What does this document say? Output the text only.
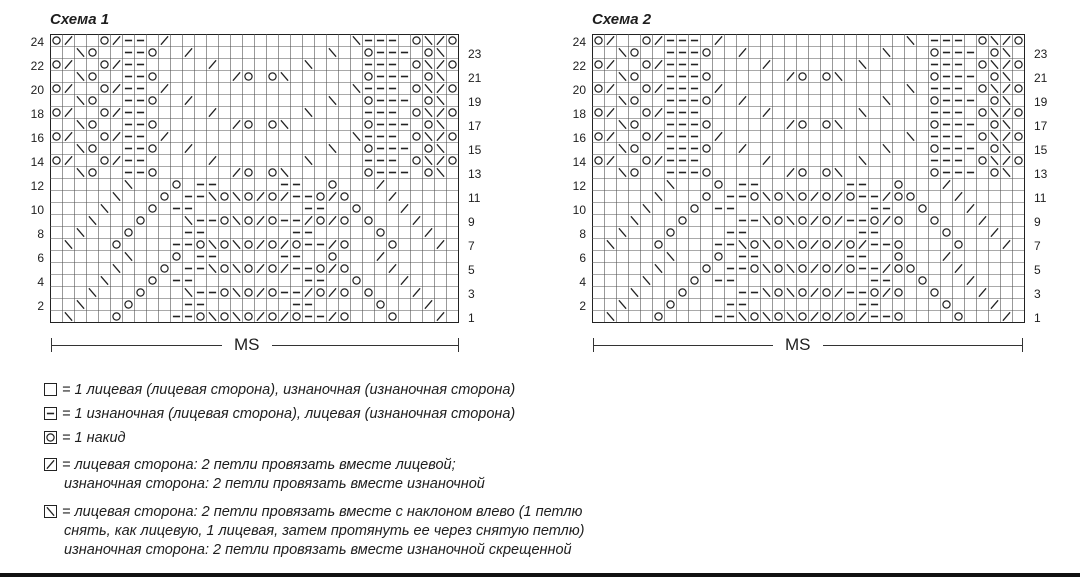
Схема 1
24
22
20
18
16
14
12
10
8
6
4
2
23
21
19
17
15
13
11
9
7
5
3
1
MS
Схема 2
24
22
20
18
16
14
12
10
8
6
4
2
23
21
19
17
15
13
11
9
7
5
3
1
MS
= 1 лицевая (лицевая сторона), изнаночная (изнаночная сторона)
= 1 изнаночная (лицевая сторона), лицевая (изнаночная сторона)
= 1 накид
= лицевая сторона: 2 петли провязать вместе лицевой;
изнаночная сторона: 2 петли провязать вместе изнаночной
= лицевая сторона: 2 петли провязать вместе с наклоном влево (1 петлю
снять, как лицевую, 1 лицевая, затем протянуть ее через снятую петлю)
изнаночная сторона: 2 петли провязать вместе изнаночной скрещенной
